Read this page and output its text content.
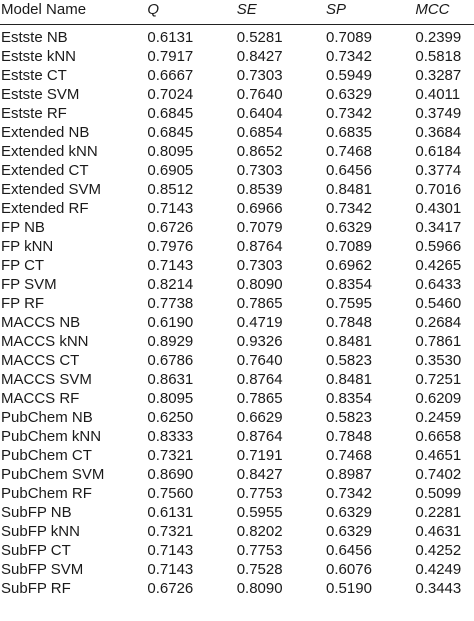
Model Name	Q	SE	SP	MCC
Estste NB	0.6131	0.5281	0.7089	0.2399
Estste kNN	0.7917	0.8427	0.7342	0.5818
Estste CT	0.6667	0.7303	0.5949	0.3287
Estste SVM	0.7024	0.7640	0.6329	0.4011
Estste RF	0.6845	0.6404	0.7342	0.3749
Extended NB	0.6845	0.6854	0.6835	0.3684
Extended kNN	0.8095	0.8652	0.7468	0.6184
Extended CT	0.6905	0.7303	0.6456	0.3774
Extended SVM	0.8512	0.8539	0.8481	0.7016
Extended RF	0.7143	0.6966	0.7342	0.4301
FP NB	0.6726	0.7079	0.6329	0.3417
FP kNN	0.7976	0.8764	0.7089	0.5966
FP CT	0.7143	0.7303	0.6962	0.4265
FP SVM	0.8214	0.8090	0.8354	0.6433
FP RF	0.7738	0.7865	0.7595	0.5460
MACCS NB	0.6190	0.4719	0.7848	0.2684
MACCS kNN	0.8929	0.9326	0.8481	0.7861
MACCS CT	0.6786	0.7640	0.5823	0.3530
MACCS SVM	0.8631	0.8764	0.8481	0.7251
MACCS RF	0.8095	0.7865	0.8354	0.6209
PubChem NB	0.6250	0.6629	0.5823	0.2459
PubChem kNN	0.8333	0.8764	0.7848	0.6658
PubChem CT	0.7321	0.7191	0.7468	0.4651
PubChem SVM	0.8690	0.8427	0.8987	0.7402
PubChem RF	0.7560	0.7753	0.7342	0.5099
SubFP NB	0.6131	0.5955	0.6329	0.2281
SubFP kNN	0.7321	0.8202	0.6329	0.4631
SubFP CT	0.7143	0.7753	0.6456	0.4252
SubFP SVM	0.7143	0.7528	0.6076	0.4249
SubFP RF	0.6726	0.8090	0.5190	0.3443
